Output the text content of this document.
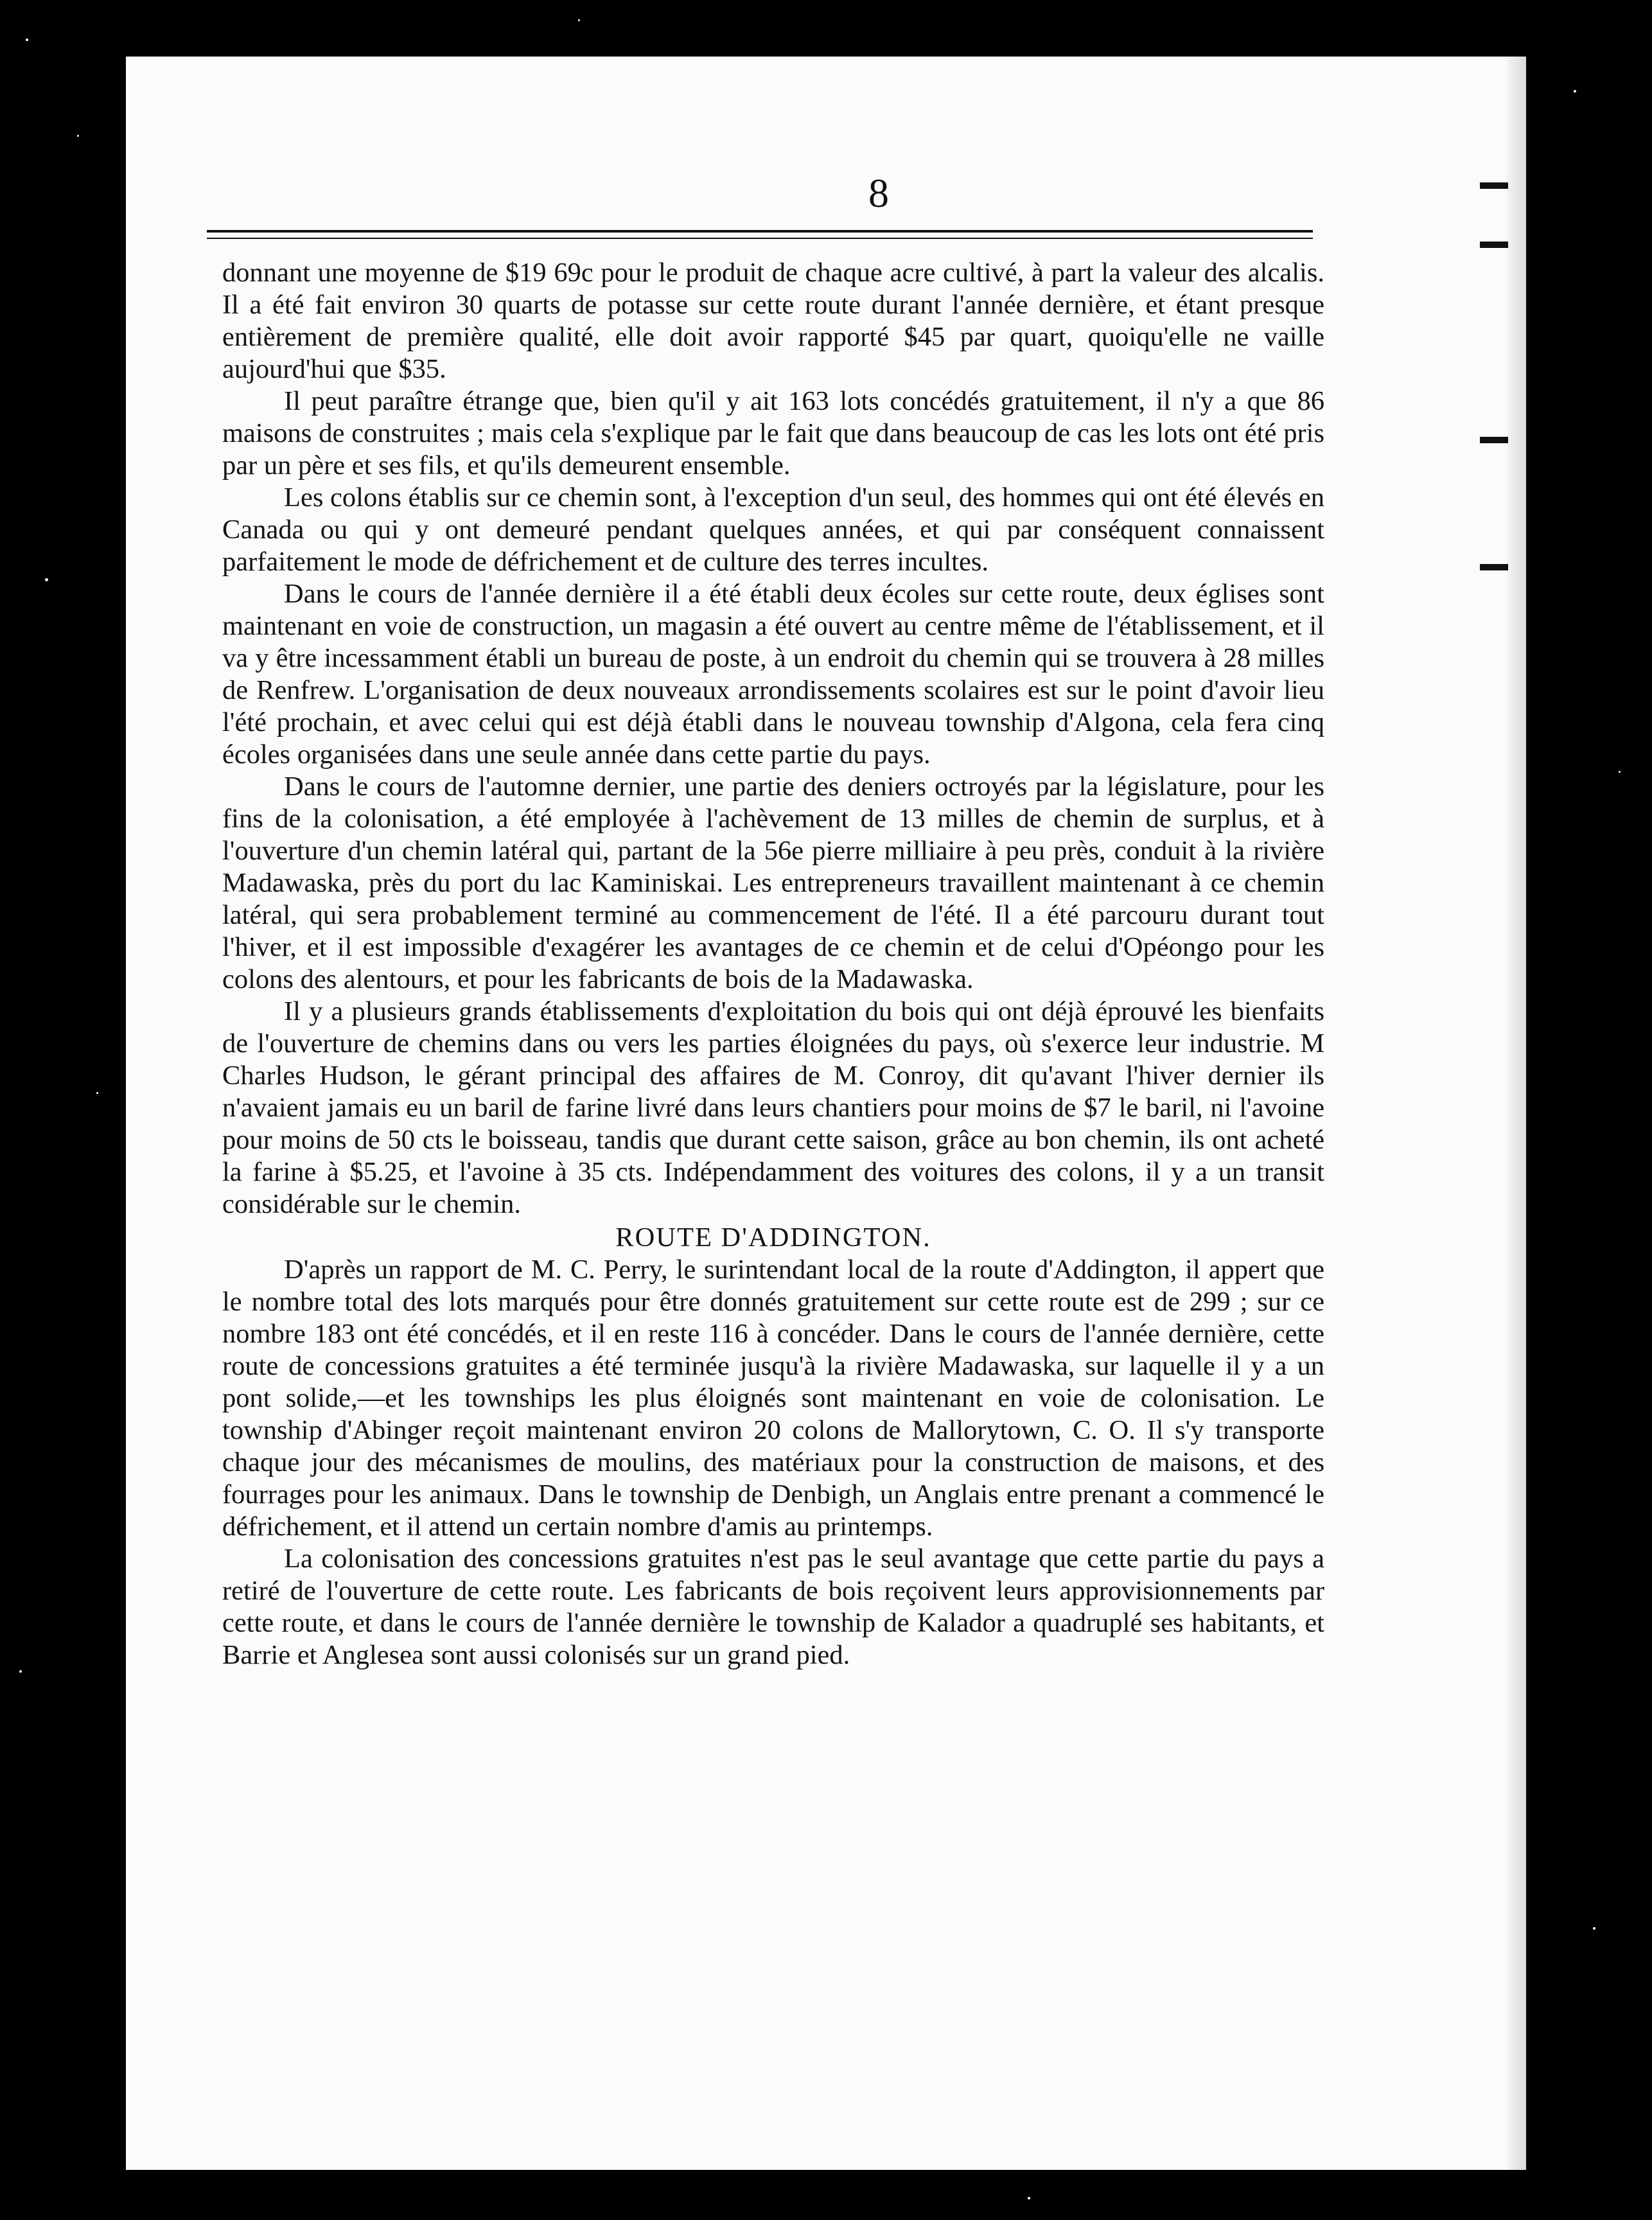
8

donnant une moyenne de $19 69c pour le produit de chaque acre cultivé, à part la valeur des alcalis. Il a été fait environ 30 quarts de potasse sur cette route durant l'année dernière, et étant presque entièrement de première qualité, elle doit avoir rapporté $45 par quart, quoiqu'elle ne vaille aujourd'hui que $35.

Il peut paraître étrange que, bien qu'il y ait 163 lots concédés gratuitement, il n'y a que 86 maisons de construites ; mais cela s'explique par le fait que dans beaucoup de cas les lots ont été pris par un père et ses fils, et qu'ils demeurent ensemble.

Les colons établis sur ce chemin sont, à l'exception d'un seul, des hommes qui ont été élevés en Canada ou qui y ont demeuré pendant quelques années, et qui par conséquent connaissent parfaitement le mode de défrichement et de culture des terres incultes.

Dans le cours de l'année dernière il a été établi deux écoles sur cette route, deux églises sont maintenant en voie de construction, un magasin a été ouvert au centre même de l'établissement, et il va y être incessamment établi un bureau de poste, à un endroit du chemin qui se trouvera à 28 milles de Renfrew. L'organisation de deux nouveaux arrondissements scolaires est sur le point d'avoir lieu l'été prochain, et avec celui qui est déjà établi dans le nouveau township d'Algona, cela fera cinq écoles organisées dans une seule année dans cette partie du pays.

Dans le cours de l'automne dernier, une partie des deniers octroyés par la législature, pour les fins de la colonisation, a été employée à l'achèvement de 13 milles de chemin de surplus, et à l'ouverture d'un chemin latéral qui, partant de la 56e pierre milliaire à peu près, conduit à la rivière Madawaska, près du port du lac Kaminiskai. Les entrepreneurs travaillent maintenant à ce chemin latéral, qui sera probablement terminé au commencement de l'été. Il a été parcouru durant tout l'hiver, et il est impossible d'exagérer les avantages de ce chemin et de celui d'Opéongo pour les colons des alentours, et pour les fabricants de bois de la Madawaska.

Il y a plusieurs grands établissements d'exploitation du bois qui ont déjà éprouvé les bienfaits de l'ouverture de chemins dans ou vers les parties éloignées du pays, où s'exerce leur industrie. M Charles Hudson, le gérant principal des affaires de M. Conroy, dit qu'avant l'hiver dernier ils n'avaient jamais eu un baril de farine livré dans leurs chantiers pour moins de $7 le baril, ni l'avoine pour moins de 50 cts le boisseau, tandis que durant cette saison, grâce au bon chemin, ils ont acheté la farine à $5.25, et l'avoine à 35 cts. Indépendamment des voitures des colons, il y a un transit considérable sur le chemin.

ROUTE D'ADDINGTON.

D'après un rapport de M. C. Perry, le surintendant local de la route d'Addington, il appert que le nombre total des lots marqués pour être donnés gratuitement sur cette route est de 299 ; sur ce nombre 183 ont été concédés, et il en reste 116 à concéder. Dans le cours de l'année dernière, cette route de concessions gratuites a été terminée jusqu'à la rivière Madawaska, sur laquelle il y a un pont solide,—et les townships les plus éloignés sont maintenant en voie de colonisation. Le township d'Abinger reçoit maintenant environ 20 colons de Mallorytown, C. O. Il s'y transporte chaque jour des mécanismes de moulins, des matériaux pour la construction de maisons, et des fourrages pour les animaux. Dans le township de Denbigh, un Anglais entre prenant a commencé le défrichement, et il attend un certain nombre d'amis au printemps.

La colonisation des concessions gratuites n'est pas le seul avantage que cette partie du pays a retiré de l'ouverture de cette route. Les fabricants de bois reçoivent leurs approvisionnements par cette route, et dans le cours de l'année dernière le township de Kalador a quadruplé ses habitants, et Barrie et Anglesea sont aussi colonisés sur un grand pied.
